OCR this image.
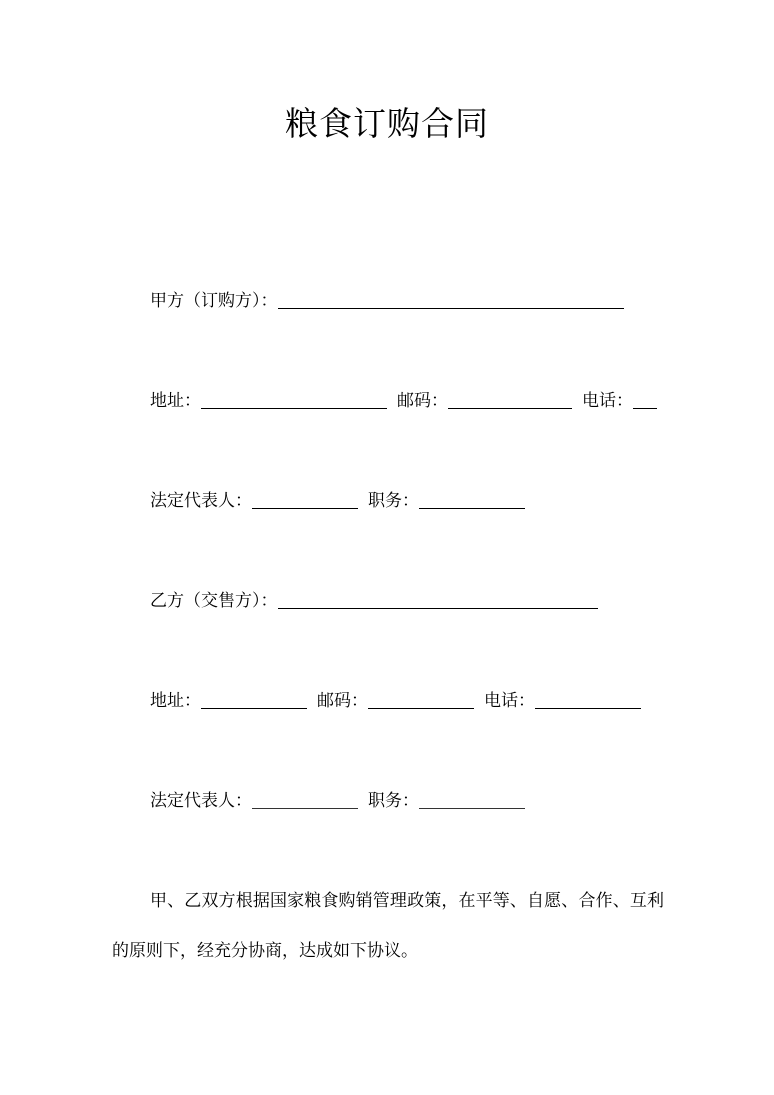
粮食订购合同
甲方（订购方）：
地址：	邮码：	电话：
法定代表人：	职务：
乙方（交售方）：
地址：	邮码：	电话：
法定代表人：	职务：
甲、乙双方根据国家粮食购销管理政策，在平等、自愿、合作、互利的原则下，经充分协商，达成如下协议。
